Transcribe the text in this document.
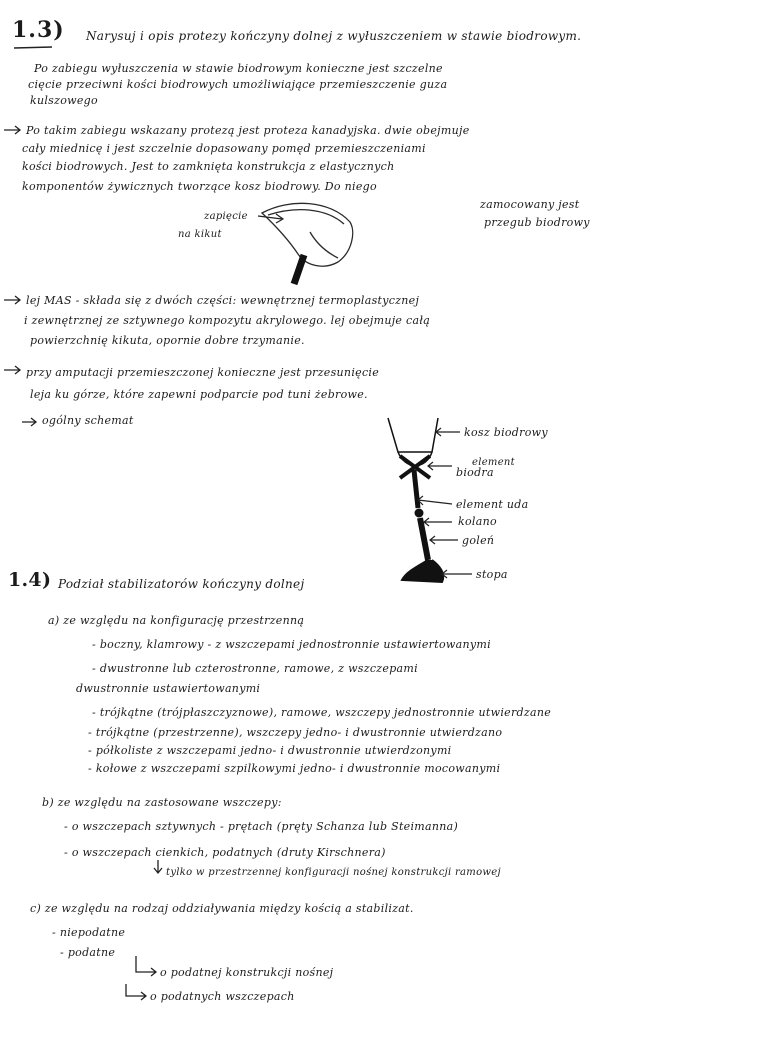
1.3) Narysuj i opis protezy kończyny dolnej z wyłuszczeniem w stawie biodrowym.
Po zabiegu wyłuszczenia w stawie biodrowym konieczne jest szczelne
cięcie przeciwni kości biodrowych umożliwiające przemieszczenie guza
kulszowego
Po takim zabiegu wskazany protezą jest proteza kanadyjska. dwie obejmuje
cały miednicę i jest szczelnie dopasowany pomęd przemieszczeniami
kości biodrowych. Jest to zamknięta konstrukcja z elastycznych
komponentów żywicznych tworzące kosz biodrowy. Do niego
zamocowany jest
przegub biodrowy
zapięcie
na kikut
lej MAS - składa się z dwóch części: wewnętrznej termoplastycznej
i zewnętrznej ze sztywnego kompozytu akrylowego. lej obejmuje całą
powierzchnię kikuta, opornie dobre trzymanie.
przy amputacji przemieszczonej konieczne jest przesunięcie
leja ku górze, które zapewni podparcie pod tuni żebrowe.
ogólny schemat
kosz biodrowy
element
biodra
element uda
kolano
goleń
stopa
1.4) Podział stabilizatorów kończyny dolnej
a) ze względu na konfigurację przestrzenną
- boczny, klamrowy - z wszczepami jednostronnie ustawiertowanymi
- dwustronne lub czterostronne, ramowe, z wszczepami
dwustronnie ustawiertowanymi
- trójkątne (trójpłaszczyznowe), ramowe, wszczepy jednostronnie utwierdzane
- trójkątne (przestrzenne), wszczepy jedno- i dwustronnie utwierdzano
- półkoliste z wszczepami jedno- i dwustronnie utwierdzonymi
- kołowe z wszczepami szpilkowymi jedno- i dwustronnie mocowanymi
b) ze względu na zastosowane wszczepy:
- o wszczepach sztywnych - prętach (pręty Schanza lub Steimanna)
- o wszczepach cienkich, podatnych (druty Kirschnera)
tylko w przestrzennej konfiguracji nośnej konstrukcji ramowej
c) ze względu na rodzaj oddziaływania między kością a stabilizat.
- niepodatne
- podatne
o podatnej konstrukcji nośnej
o podatnych wszczepach
